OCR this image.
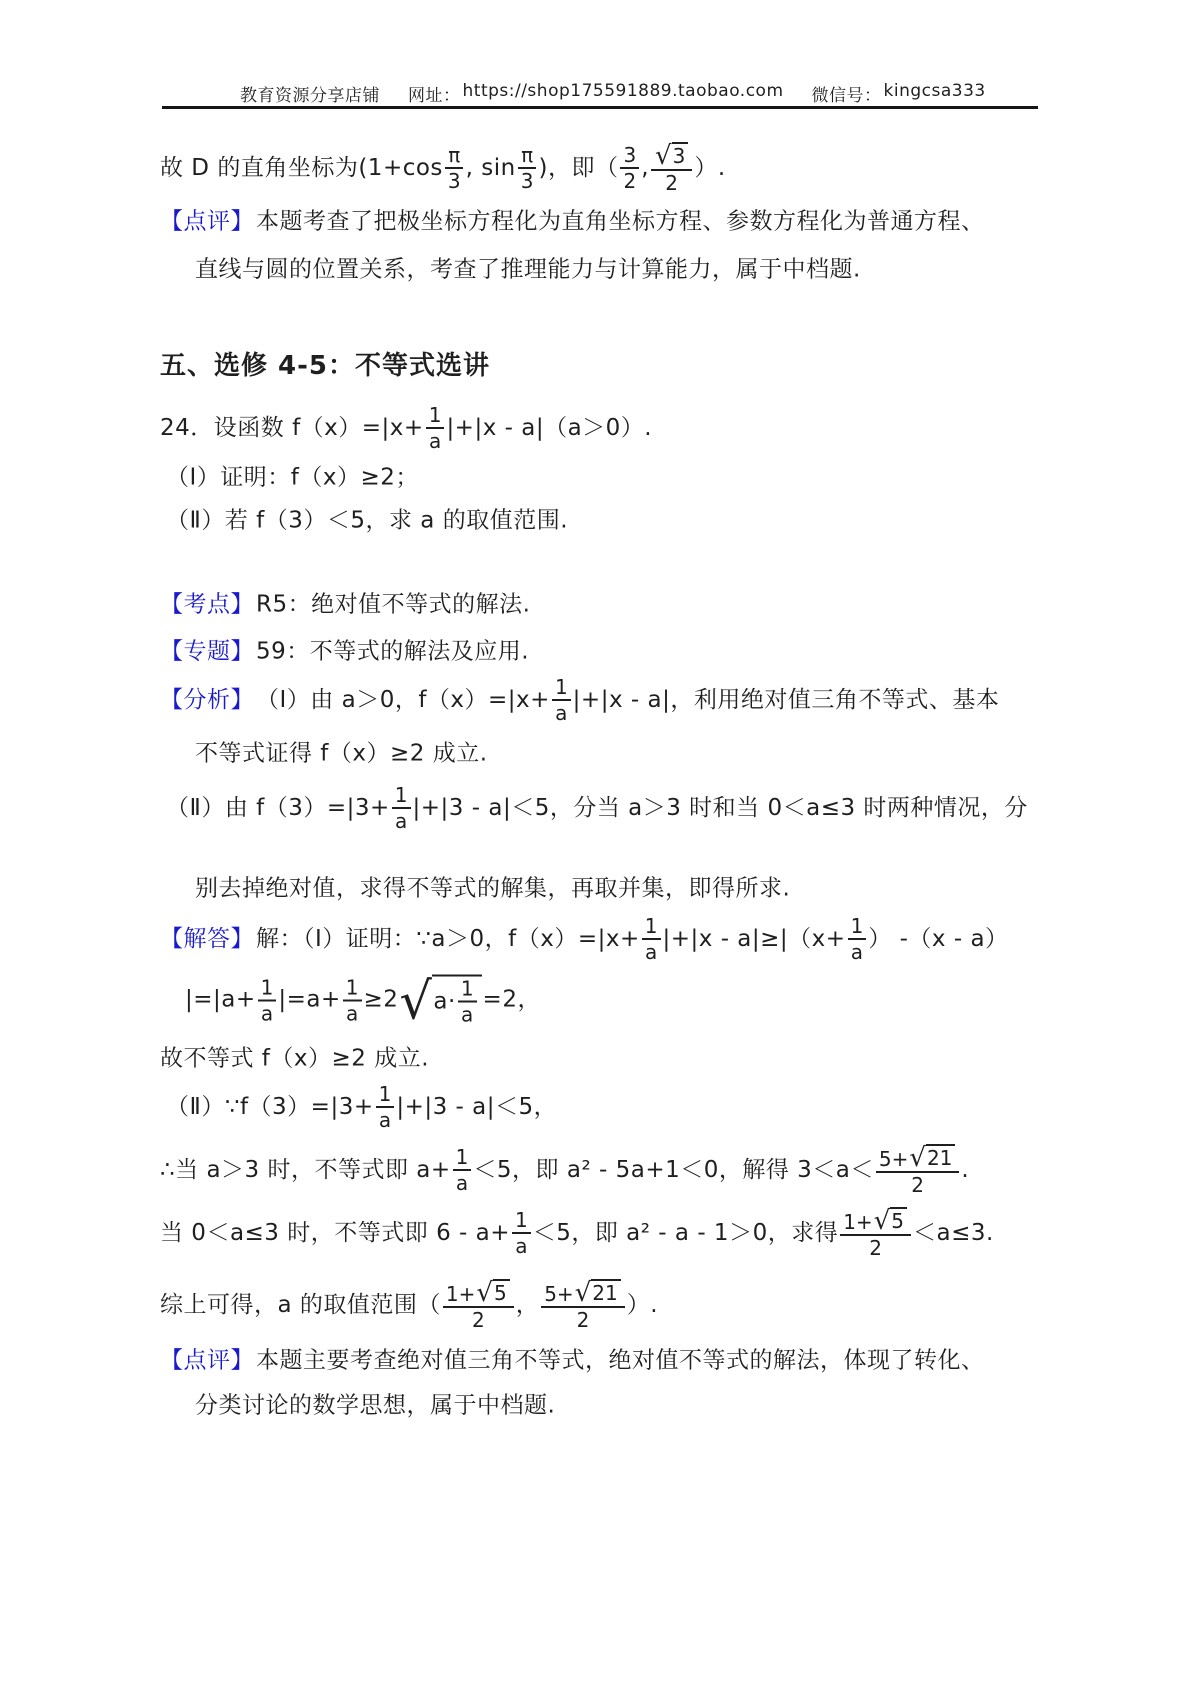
教育资源分享店铺 网址： https://shop175591889.taobao.com 微信号： kingcsa333
故 D 的直角坐标为($1+\cos \frac{\pi}{3}$ , $\sin \frac{\pi}{3}$ )，即（ $\frac{3}{2}$ , $\frac{√ 3}{2}$ ）.
【点评】 本题考查了把极坐标方程化为直角坐标方程、参数方程化为普通方程、
直线与圆的位置关系，考查了推理能力与计算能力，属于中档题.
五、选修 4-5：不等式选讲
24．设函数 $f(x)=|x+ \frac{1}{a} |+|x - a|(a>0)$.
（Ⅰ）证明：f（x）≥2；
（Ⅱ）若 f（3）＜5，求 a 的取值范围.
【考点】 R5：绝对值不等式的解法.
【专题】 59：不等式的解法及应用.
【分析】 （Ⅰ）由 a＞0，$f(x)=|x+ \frac{1}{a} |+|x - a|$，利用绝对值三角不等式、基本
不等式证得 f（x）≥2 成立.
（Ⅱ）由 $f(3)=|3+ \frac{1}{a} |+|3 - a|<5$，分当 a＞3 时和当 0＜a≤3 时两种情况，分
别去掉绝对值，求得不等式的解集，再取并集，即得所求.
【解答】 解：（Ⅰ）证明：∵a＞0，$f(x)=|x+ \frac{1}{a} |+|x - a|\ge|(x+ \frac{1}{a}$ ） -（x - a）
$|=|a+ \frac{1}{a} |=a+ \frac{1}{a} \ge 2$ √ $a\cdot \frac{1}{a} =2$，
故不等式 f（x）≥2 成立.
（Ⅱ）∵f（3）=|3+ $\frac{1}{a} |+|3 - a|<5$，
∴当 a＞3 时，不等式即 $a+ \frac{1}{a} <5$，即 a² - 5a+1＜0，解得 $3<a< \frac{5+ √ 21}{2}$ .
当 0＜a≤3 时，不等式即 $6 - a+ \frac{1}{a} <5$，即 a² - a - 1＞0，求得 $\frac{1+ √ 5}{2} <a\le 3$.
综上可得，a 的取值范围（ $\frac{1+ √ 5}{2}$ ， $\frac{5+ √ 21}{2}$ ）.
【点评】 本题主要考查绝对值三角不等式，绝对值不等式的解法，体现了转化、
分类讨论的数学思想，属于中档题.
